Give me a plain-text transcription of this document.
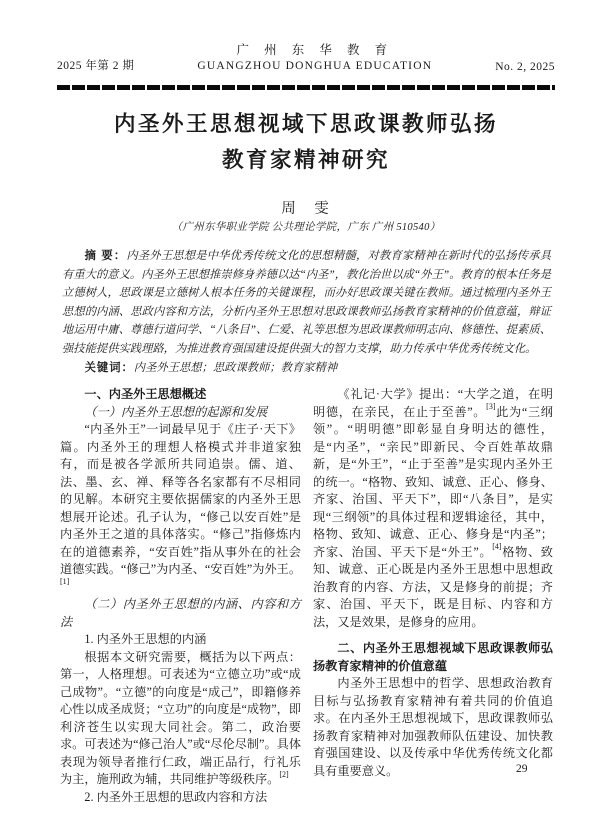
2025 年第 2 期
广 州 东 华 教 育
GUANGZHOU DONGHUA EDUCATION	No. 2, 2025
内圣外王思想视域下思政课教师弘扬
教育家精神研究
周　雯
（广州东华职业学院 公共理论学院，广东 广州 510540）

摘 要：内圣外王思想是中华优秀传统文化的思想精髓，对教育家精神在新时代的弘扬传承具有重大的意义。内圣外王思想推崇修身养德以达“内圣”，教化治世以成“外王”。教育的根本任务是立德树人，思政课是立德树人根本任务的关键课程，而办好思政课关键在教师。通过梳理内圣外王思想的内涵、思政内容和方法，分析内圣外王思想对思政课教师弘扬教育家精神的价值意蕴，辩证地运用中庸、尊德行道问学、“八条目”、仁爱、礼等思想为思政课教师明志向、修德性、提素质、强技能提供实践理路，为推进教育强国建设提供强大的智力支撑，助力传承中华优秀传统文化。

关键词：内圣外王思想；思政课教师；教育家精神

一、内圣外王思想概述
（一）内圣外王思想的起源和发展

“内圣外王”一词最早见于《庄子·天下》篇。内圣外王的理想人格模式并非道家独有，而是被各学派所共同追崇。儒、道、法、墨、玄、禅、释等各名家都有不尽相同的见解。本研究主要依据儒家的内圣外王思想展开论述。孔子认为，“修己以安百姓”是内圣外王之道的具体落实。“修己”指修炼内在的道德素养，“安百姓”指从事外在的社会道德实践。“修己”为内圣、“安百姓”为外王。[1]

（二）内圣外王思想的内涵、内容和方法
1. 内圣外王思想的内涵

根据本文研究需要，概括为以下两点：第一，人格理想。可表述为“立德立功”或“成己成物”。“立德”的向度是“成己”，即籍修养心性以成圣成贤；“立功”的向度是“成物”，即利济苍生以实现大同社会。第二，政治要求。可表述为“修己治人”或“尽伦尽制”。具体表现为领导者推行仁政，端正品行，行礼乐为主，施刑政为辅，共同维护等级秩序。[2]

2. 内圣外王思想的思政内容和方法

《礼记·大学》提出：“大学之道，在明明德，在亲民，在止于至善”。[3]此为“三纲领”。“明明德”即彰显自身明达的德性，是“内圣”，“亲民”即新民、令百姓革故鼎新，是“外王”，“止于至善”是实现内圣外王的统一。“格物、致知、诚意、正心、修身、齐家、治国、平天下”，即“八条目”，是实现“三纲领”的具体过程和逻辑途径，其中，格物、致知、诚意、正心、修身是“内圣”；齐家、治国、平天下是“外王”。[4]格物、致知、诚意、正心既是内圣外王思想中思想政治教育的内容、方法，又是修身的前提；齐家、治国、平天下，既是目标、内容和方法，又是效果，是修身的应用。

二、内圣外王思想视域下思政课教师弘扬教育家精神的价值意蕴

内圣外王思想中的哲学、思想政治教育目标与弘扬教育家精神有着共同的价值追求。在内圣外王思想视域下，思政课教师弘扬教育家精神对加强教师队伍建设、加快教育强国建设、以及传承中华优秀传统文化都具有重要意义。	29
